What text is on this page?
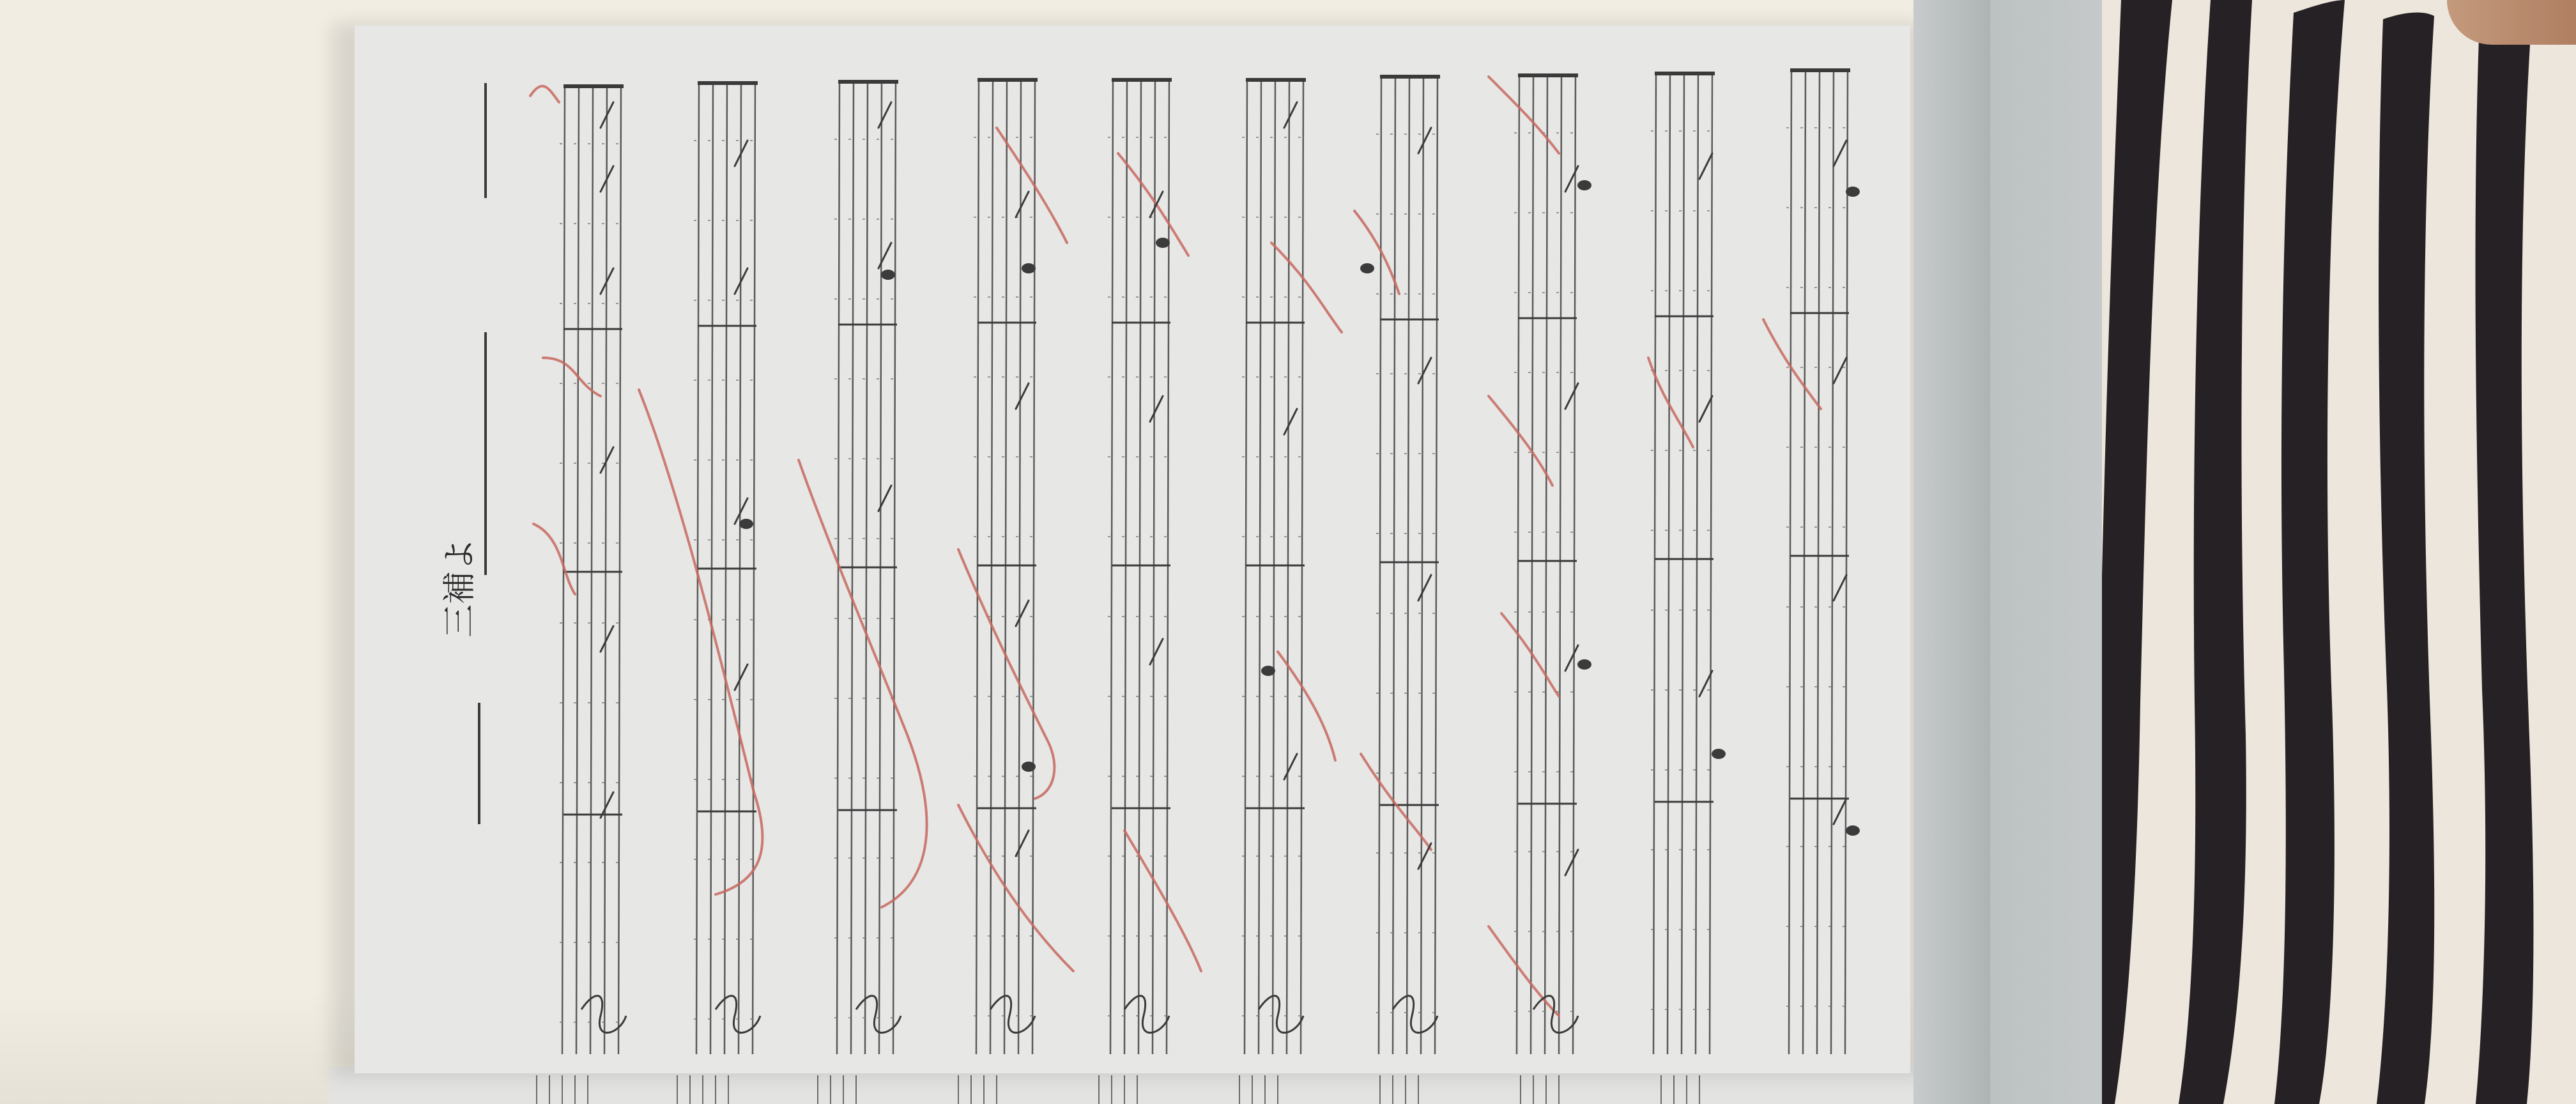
三補よ
